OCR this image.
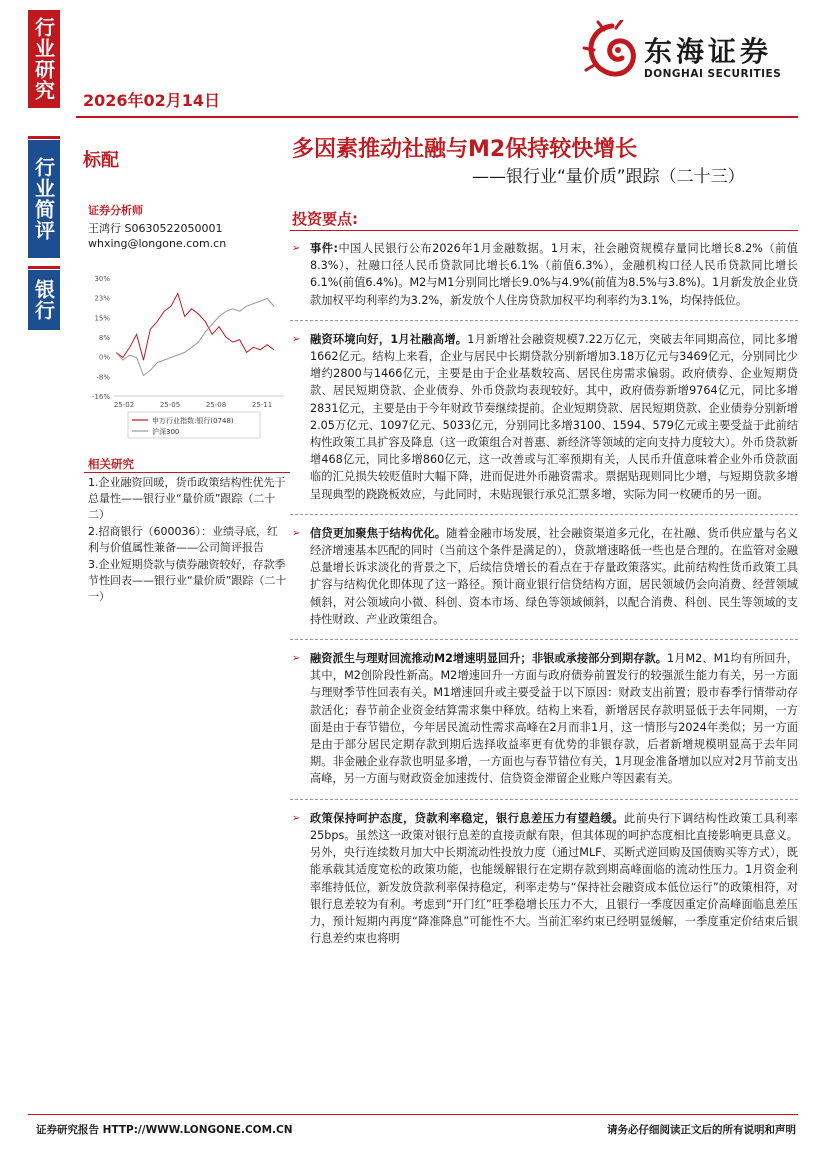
行业研究
行业简评
银行
2026年02月14日
东海证券
DONGHAI SECURITIES
标配	多因素推动社融与M2保持较快增长
——银行业“量价质”跟踪（二十三）
证券分析师
王鸿行 S0630522050001
whxing@longone.com.cn
30%
23%
15%
8%
0%
-8%
-16%
25-02	25-05	25-08	25-11
申万行业指数:银行(0748)
沪深300
相关研究

1.企业融资回暖，货币政策结构性优先于总量性——银行业“量价质”跟踪（二十二）

2.招商银行（600036）：业绩寻底，红利与价值属性兼备——公司简评报告

3.企业短期贷款与债券融资较好，存款季节性回表——银行业“量价质”跟踪（二十一）

投资要点:
➢ 事件:中国人民银行公布2026年1月金融数据。1月末，社会融资规模存量同比增长8.2%（前值8.3%），社融口径人民币贷款同比增长6.1%（前值6.3%），金融机构口径人民币贷款同比增长6.1%(前值6.4%)。M2与M1分别同比增长9.0%与4.9%(前值为8.5%与3.8%)。1月新发放企业贷款加权平均利率约为3.2%，新发放个人住房贷款加权平均利率约为3.1%，均保持低位。
➢ 融资环境向好，1月社融高增。1月新增社会融资规模7.22万亿元，突破去年同期高位，同比多增1662亿元。结构上来看，企业与居民中长期贷款分别新增加3.18万亿元与3469亿元，分别同比少增约2800与1466亿元，主要是由于企业基数较高、居民住房需求偏弱。政府债券、企业短期贷款、居民短期贷款、企业债券、外币贷款均表现较好。其中，政府债券新增9764亿元，同比多增2831亿元，主要是由于今年财政节奏继续提前。企业短期贷款、居民短期贷款、企业债券分别新增2.05万亿元、1097亿元、5033亿元，分别同比多增3100、1594、579亿元或主要受益于此前结构性政策工具扩容及降息（这一政策组合对普惠、新经济等领域的定向支持力度较大）。外币贷款新增468亿元，同比多增860亿元，这一改善或与汇率预期有关，人民币升值意味着企业外币贷款面临的汇兑损失较贬值时大幅下降，进而促进外币融资需求。票据贴现则同比少增，与短期贷款多增呈现典型的跷跷板效应，与此同时，未贴现银行承兑汇票多增，实际为同一枚硬币的另一面。
➢ 信贷更加聚焦于结构优化。随着金融市场发展，社会融资渠道多元化，在社融、货币供应量与名义经济增速基本匹配的同时（当前这个条件是满足的），贷款增速略低一些也是合理的。在监管对金融总量增长诉求淡化的背景之下，后续信贷增长的看点在于存量政策落实。此前结构性货币政策工具扩容与结构优化即体现了这一路径。预计商业银行信贷结构方面，居民领域仍会向消费、经营领域倾斜，对公领域向小微、科创、资本市场、绿色等领域倾斜，以配合消费、科创、民生等领域的支持性财政、产业政策组合。
➢ 融资派生与理财回流推动M2增速明显回升；非银或承接部分到期存款。1月M2、M1均有所回升，其中，M2创阶段性新高。M2增速回升一方面与政府债券前置发行的较强派生能力有关，另一方面与理财季节性回表有关。M1增速回升或主要受益于以下原因：财政支出前置；股市春季行情带动存款活化；春节前企业资金结算需求集中释放。结构上来看，新增居民存款明显低于去年同期，一方面是由于春节错位，今年居民流动性需求高峰在2月而非1月，这一情形与2024年类似；另一方面是由于部分居民定期存款到期后选择收益率更有优势的非银存款，后者新增规模明显高于去年同期。非金融企业存款也明显多增，一方面也与春节错位有关，1月现金准备增加以应对2月节前支出高峰，另一方面与财政资金加速拨付、信贷资金滞留企业账户等因素有关。
➢ 政策保持呵护态度，贷款利率稳定，银行息差压力有望趋缓。此前央行下调结构性政策工具利率25bps。虽然这一政策对银行息差的直接贡献有限，但其体现的呵护态度相比直接影响更具意义。另外，央行连续数月加大中长期流动性投放力度（通过MLF、买断式逆回购及国债购买等方式），既能承载其适度宽松的政策功能，也能缓解银行在定期存款到期高峰面临的流动性压力。1月资金利率维持低位，新发放贷款利率保持稳定，利率走势与“保持社会融资成本低位运行”的政策相符，对银行息差较为有利。考虑到“开门红”旺季稳增长压力不大，且银行一季度因重定价高峰面临息差压力，预计短期内再度“降准降息”可能性不大。当前汇率约束已经明显缓解，一季度重定价结束后银行息差约束也将明
证券研究报告 HTTP://WWW.LONGONE.COM.CN	请务必仔细阅读正文后的所有说明和声明
